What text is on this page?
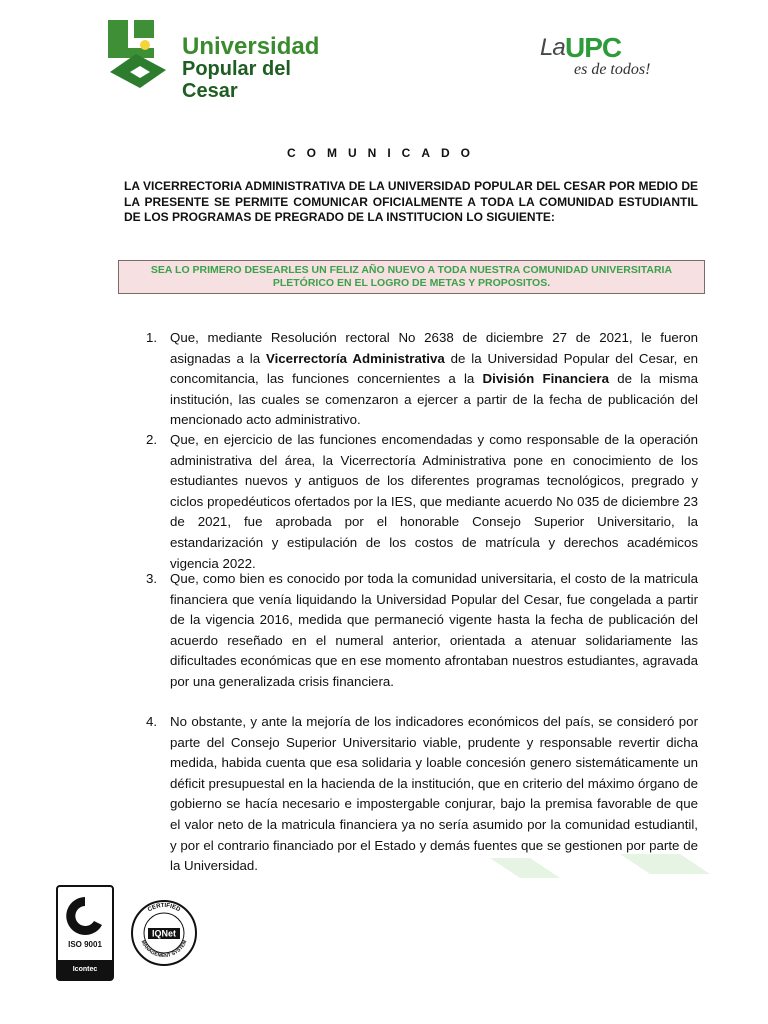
Universidad
Popular del Cesar
La UPC
es de todos!
COMUNICADO
LA VICERRECTORIA ADMINISTRATIVA DE LA UNIVERSIDAD POPULAR DEL CESAR POR MEDIO DE LA PRESENTE SE PERMITE COMUNICAR OFICIALMENTE A TODA LA COMUNIDAD ESTUDIANTIL DE LOS PROGRAMAS DE PREGRADO DE LA INSTITUCION LO SIGUIENTE:
SEA LO PRIMERO DESEARLES UN FELIZ AÑO NUEVO A TODA NUESTRA COMUNIDAD UNIVERSITARIA PLETÓRICO EN EL LOGRO DE METAS Y PROPOSITOS.
1. Que, mediante Resolución rectoral No 2638 de diciembre 27 de 2021, le fueron asignadas a la Vicerrectoría Administrativa de la Universidad Popular del Cesar, en concomitancia, las funciones concernientes a la División Financiera de la misma institución, las cuales se comenzaron a ejercer a partir de la fecha de publicación del mencionado acto administrativo.
2. Que, en ejercicio de las funciones encomendadas y como responsable de la operación administrativa del área, la Vicerrectoría Administrativa pone en conocimiento de los estudiantes nuevos y antiguos de los diferentes programas tecnológicos, pregrado y ciclos propedéuticos ofertados por la IES, que mediante acuerdo No 035 de diciembre 23 de 2021, fue aprobada por el honorable Consejo Superior Universitario, la estandarización y estipulación de los costos de matrícula y derechos académicos vigencia 2022.
3. Que, como bien es conocido por toda la comunidad universitaria, el costo de la matricula financiera que venía liquidando la Universidad Popular del Cesar, fue congelada a partir de la vigencia 2016, medida que permaneció vigente hasta la fecha de publicación del acuerdo reseñado en el numeral anterior, orientada a atenuar solidariamente las dificultades económicas que en ese momento afrontaban nuestros estudiantes, agravada por una generalizada crisis financiera.
4. No obstante, y ante la mejoría de los indicadores económicos del país, se consideró por parte del Consejo Superior Universitario viable, prudente y responsable revertir dicha medida, habida cuenta que esa solidaria y loable concesión genero sistemáticamente un déficit presupuestal en la hacienda de la institución, que en criterio del máximo órgano de gobierno se hacía necesario e impostergable conjurar, bajo la premisa favorable de que el valor neto de la matricula financiera ya no sería asumido por la comunidad estudiantil, y por el contrario financiado por el Estado y demás fuentes que se gestionen por parte de la Universidad.
ISO 9001
Icontec
CERTIFIED
MANAGEMENT SYSTEM
IQNet
